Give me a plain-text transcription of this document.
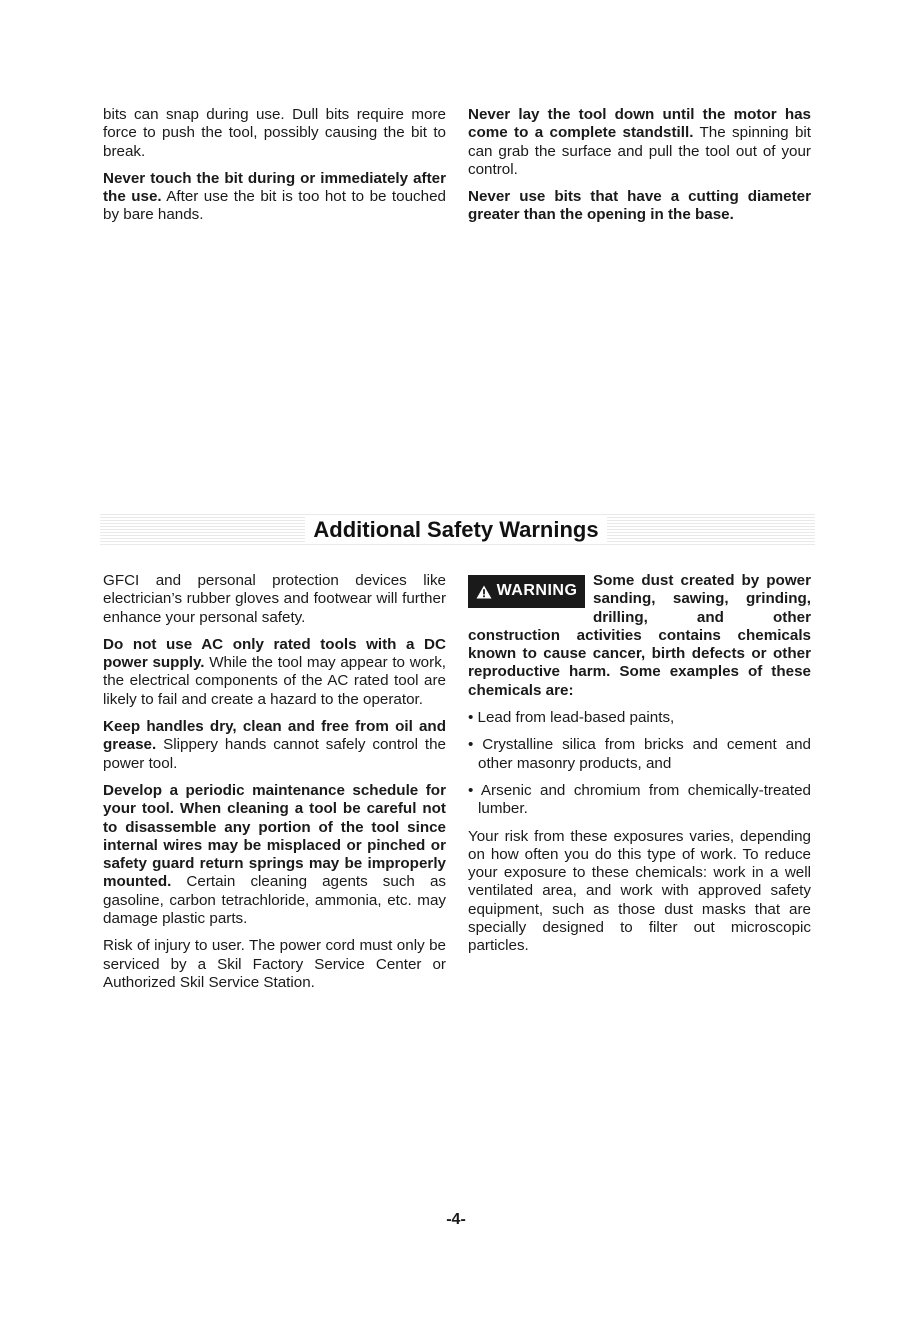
bits can snap during use. Dull bits require more force to push the tool, possibly causing the bit to break.

Never touch the bit during or immediately after the use. After use the bit is too hot to be touched by bare hands.

Never lay the tool down until the motor has come to a complete standstill. The spinning bit can grab the surface and pull the tool out of your control.

Never use bits that have a cutting diameter greater than the opening in the base.

Additional Safety Warnings

GFCI and personal protection devices like electrician’s rubber gloves and footwear will further enhance your personal safety.

Do not use AC only rated tools with a DC power supply. While the tool may appear to work, the electrical components of the AC rated tool are likely to fail and create a hazard to the operator.

Keep handles dry, clean and free from oil and grease. Slippery hands cannot safely control the power tool.

Develop a periodic maintenance schedule for your tool. When cleaning a tool be careful not to disassemble any portion of the tool since internal wires may be misplaced or pinched or safety guard return springs may be improperly mounted. Certain cleaning agents such as gasoline, carbon tetrachloride, ammonia, etc. may damage plastic parts.

Risk of injury to user. The power cord must only be serviced by a Skil Factory Service Center or Authorized Skil Service Station.

WARNING
Some dust created by power sanding, sawing, grinding, drilling, and other construction activities contains chemicals known to cause cancer, birth defects or other reproductive harm. Some examples of these chemicals are:

• Lead from lead-based paints,

• Crystalline silica from bricks and cement and other masonry products, and

• Arsenic and chromium from chemically-treated lumber.

Your risk from these exposures varies, depending on how often you do this type of work. To reduce your exposure to these chemicals: work in a well ventilated area, and work with approved safety equipment, such as those dust masks that are specially designed to filter out microscopic particles.

-4-
